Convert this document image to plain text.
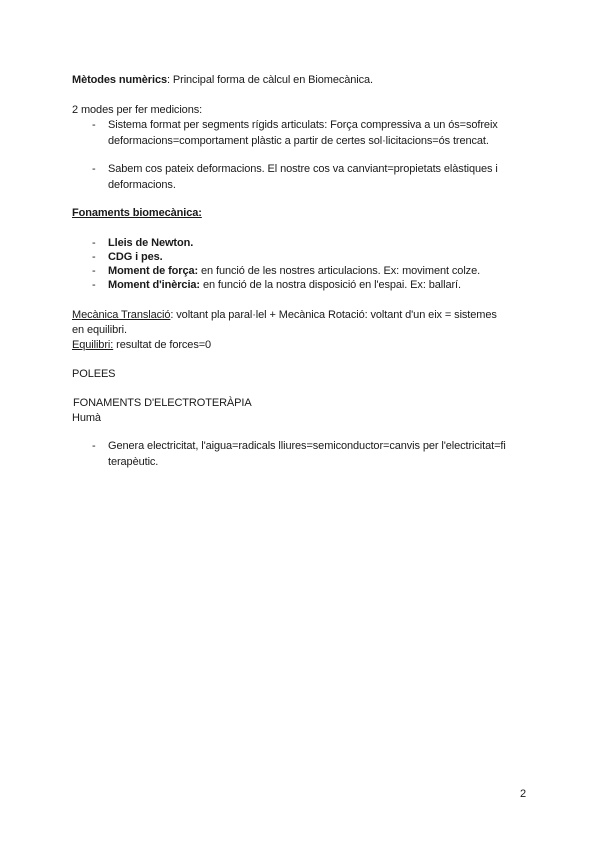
Mètodes numèrics: Principal forma de càlcul en Biomecànica.
2 modes per fer medicions:
- Sistema format per segments rígids articulats: Força compressiva a un ós=sofreix
deformacions=comportament plàstic a partir de certes sol·licitacions=ós trencat.
- Sabem cos pateix deformacions. El nostre cos va canviant=propietats elàstiques i
deformacions.
Fonaments biomecànica:
- Lleis de Newton.
- CDG i pes.
- Moment de força: en funció de les nostres articulacions. Ex: moviment colze.
- Moment d'inèrcia: en funció de la nostra disposició en l'espai. Ex: ballarí.
Mecànica Translació: voltant pla paral·lel + Mecànica Rotació: voltant d'un eix = sistemes
en equilibri.
Equilibri: resultat de forces=0
POLEES
FONAMENTS D'ELECTROTERÀPIA
Humà
- Genera electricitat, l'aigua=radicals lliures=semiconductor=canvis per l'electricitat=fi
terapèutic.
2
